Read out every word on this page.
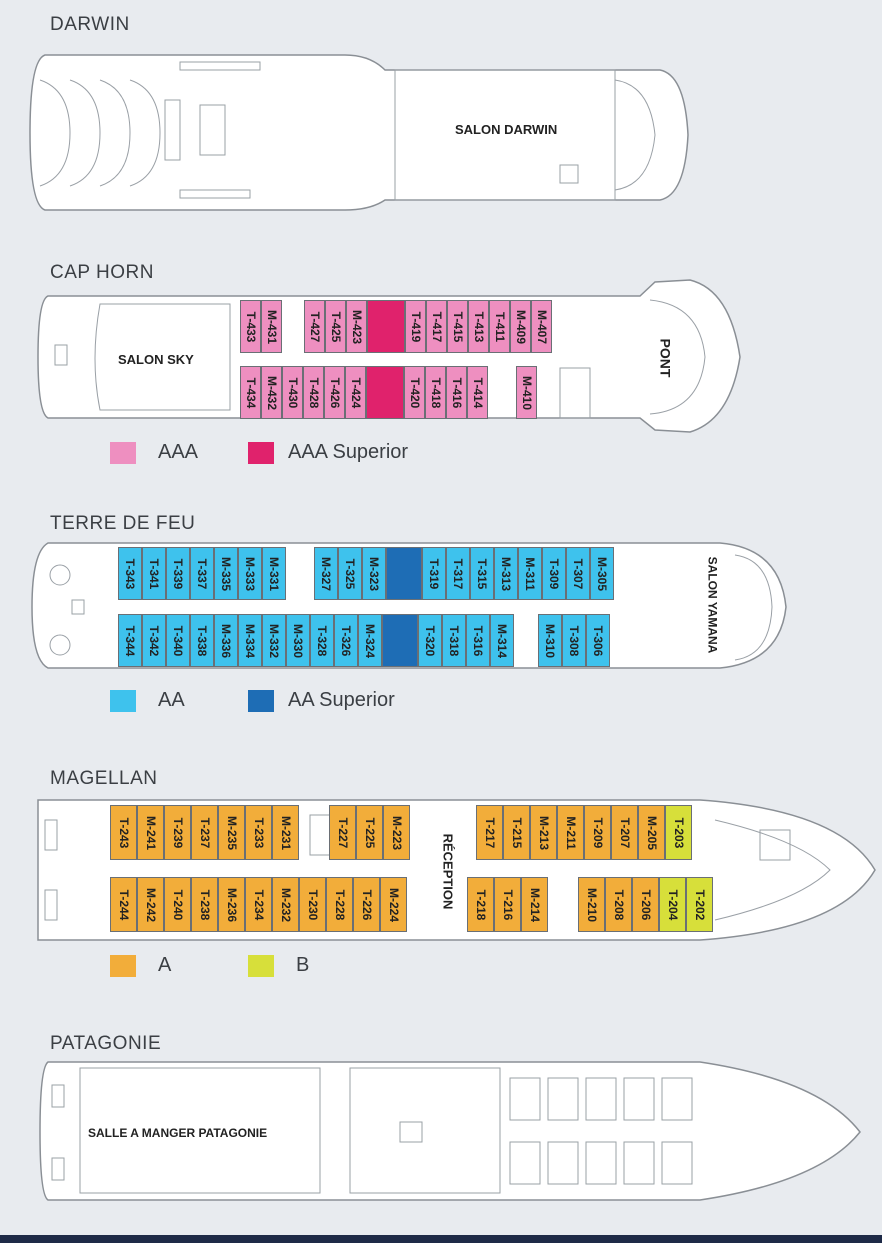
DARWIN
CAP HORN
TERRE DE FEU
MAGELLAN
PATAGONIE
SALON DARWIN
SALON SKY	PONT
SALON YAMANA
RÉCEPTION
SALLE A MANGER PATAGONIE
T-433 M-431 T-427 T-425 M-423	T-419 T-417 T-415 T-413 T-411 M-409 M-407
T-434 M-432 T-430 T-428 T-426 T-424	T-420 T-418 T-416 T-414	M-410
T-343 T-341 T-339 T-337 M-335 M-333 M-331	M-327 T-325 M-323	T-319 T-317 T-315 M-313 M-311 T-309 T-307 M-305
T-344 T-342 T-340 T-338 M-336 M-334 M-332 M-330 T-328 T-326 M-324	T-320 T-318 T-316 M-314	M-310 T-308 T-306
T-243 M-241 T-239 T-237 M-235 T-233 M-231	T-227 T-225 M-223	T-217 T-215 M-213 M-211 T-209 T-207 M-205 T-203
T-244 M-242 T-240 T-238 M-236 T-234 M-232 T-230 T-228 T-226 M-224	T-218 T-216 M-214	M-210 T-208 T-206 T-204 T-202
AAA	AAA Superior
AA	AA Superior
A	B
